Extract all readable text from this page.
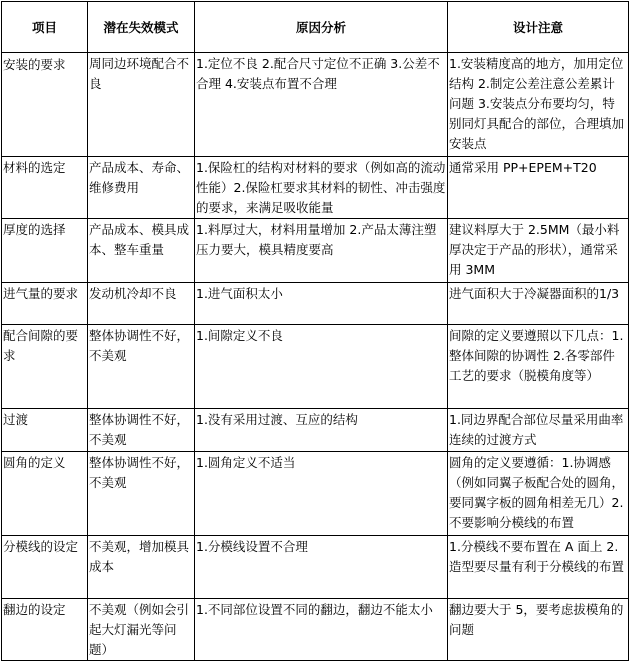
项目	潜在失效模式	原因分析	设计注意
安装的要求	周同边环境配合不良	1.定位不良 2.配合尺寸定位不正确 3.公差不合理 4.安装点布置不合理	1.安装精度高的地方，加用定位结构 2.制定公差注意公差累计问题 3.安装点分布要均匀，特别同灯具配合的部位，合理填加安装点
材料的选定	产品成本、寿命、维修费用	1.保险杠的结构对材料的要求（例如高的流动性能）2.保险杠要求其材料的韧性、冲击强度的要求，来满足吸收能量	通常采用 PP+EPEM+T20
厚度的选择	产品成本、模具成本、整车重量	1.料厚过大，材料用量增加 2.产品太薄注塑压力要大，模具精度要高	建议料厚大于 2.5MM（最小料厚决定于产品的形状），通常采用 3MM
进气量的要求	发动机冷却不良	1.进气面积太小	进气面积大于冷凝器面积的1/3
配合间隙的要求	整体协调性不好，不美观	1.间隙定义不良	间隙的定义要遵照以下几点：1.整体间隙的协调性 2.各零部件工艺的要求（脱模角度等）
过渡	整体协调性不好，不美观	1.没有采用过渡、互应的结构	1.同边界配合部位尽量采用曲率连续的过渡方式
圆角的定义	整体协调性不好，不美观	1.圆角定义不适当	圆角的定义要遵循：1.协调感（例如同翼子板配合处的圆角，要同翼字板的圆角相差无几）2.不要影响分模线的布置
分模线的设定	不美观，增加模具成本	1.分模线设置不合理	1.分模线不要布置在 A 面上 2.造型要尽量有利于分模线的布置
翻边的设定	不美观（例如会引起大灯漏光等问题）	1.不同部位设置不同的翻边，翻边不能太小	翻边要大于 5，要考虑拔模角的问题
